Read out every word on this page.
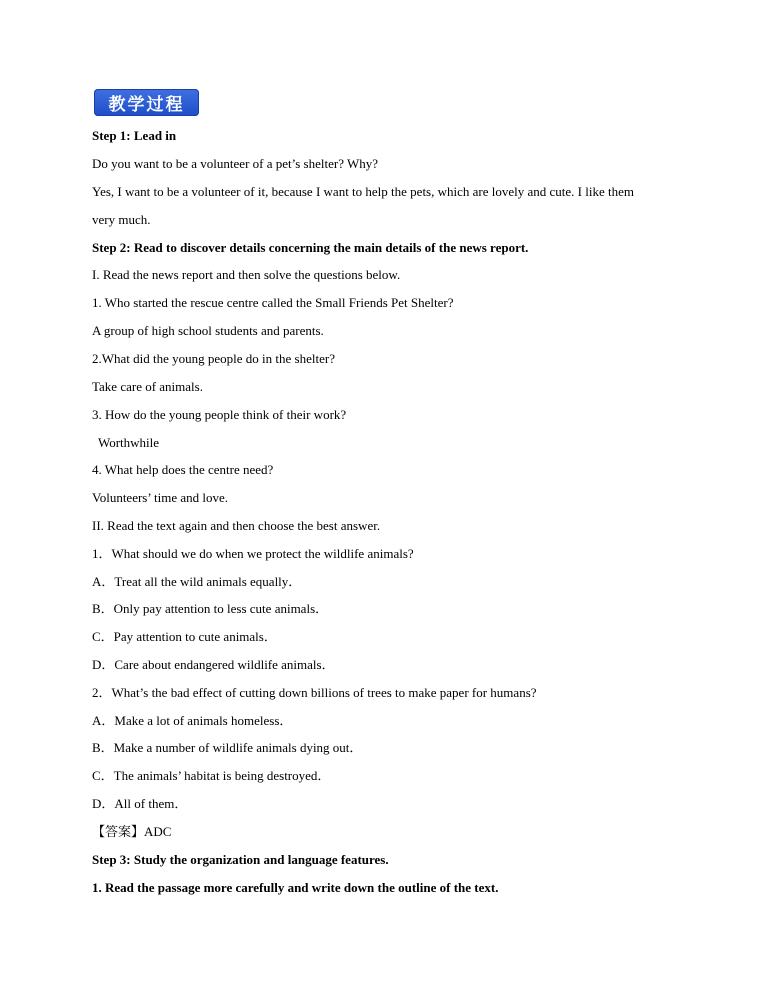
教学过程
Step 1: Lead in
Do you want to be a volunteer of a pet’s shelter? Why?
Yes, I want to be a volunteer of it, because I want to help the pets, which are lovely and cute. I like them
very much.
Step 2: Read to discover details concerning the main details of the news report.
I. Read the news report and then solve the questions below.
1. Who started the rescue centre called the Small Friends Pet Shelter?
A group of high school students and parents.
2.What did the young people do in the shelter?
Take care of animals.
3. How do the young people think of their work?
Worthwhile
4. What help does the centre need?
Volunteers’ time and love.
II. Read the text again and then choose the best answer.
1．What should we do when we protect the wildlife animals?
A．Treat all the wild animals equally．
B．Only pay attention to less cute animals．
C．Pay attention to cute animals．
D．Care about endangered wildlife animals．
2．What’s the bad effect of cutting down billions of trees to make paper for humans?
A．Make a lot of animals homeless．
B．Make a number of wildlife animals dying out．
C．The animals’ habitat is being destroyed．
D．All of them．
【答案】ADC
Step 3: Study the organization and language features.
1. Read the passage more carefully and write down the outline of the text.
